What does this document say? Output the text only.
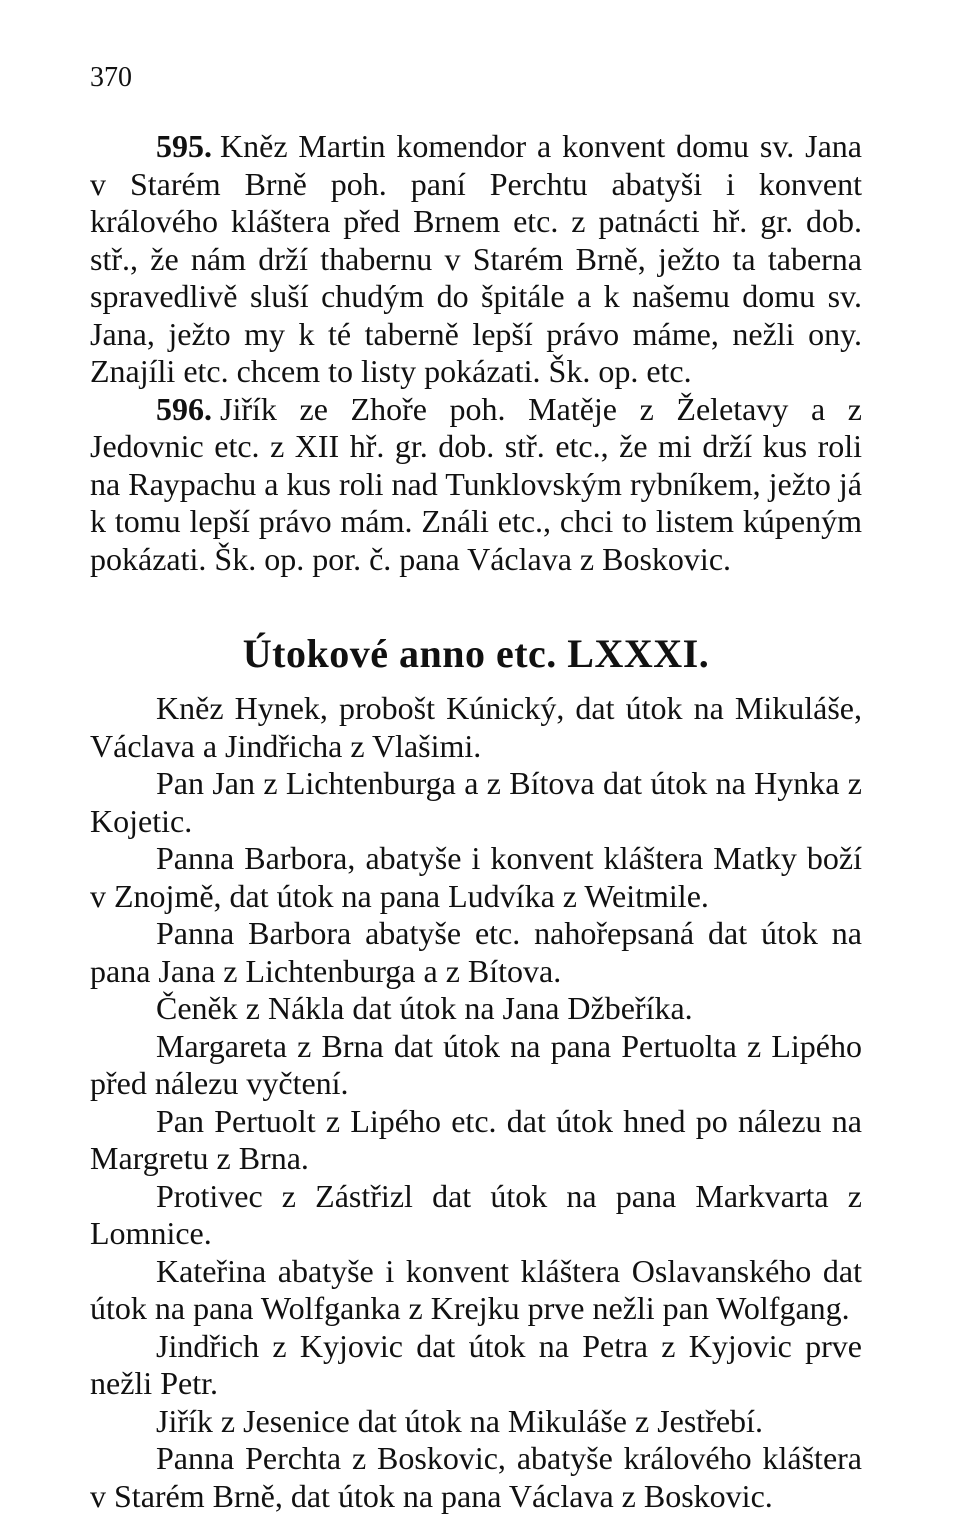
370

595. Kněz Martin komendor a konvent domu sv. Jana v Starém Brně poh. paní Perchtu abatyši i konvent králového kláštera před Brnem etc. z patnácti hř. gr. dob. stř., že nám drží thabernu v Starém Brně, ježto ta taberna spravedlivě sluší chudým do špitále a k našemu domu sv. Jana, ježto my k té taberně lepší právo máme, nežli ony. Znajíli etc. chcem to listy pokázati. Šk. op. etc.

596. Jiřík ze Zhoře poh. Matěje z Želetavy a z Jedovnic etc. z XII hř. gr. dob. stř. etc., že mi drží kus roli na Raypachu a kus roli nad Tunklovským rybníkem, ježto já k tomu lepší právo mám. Ználi etc., chci to listem kúpeným pokázati. Šk. op. por. č. pana Václava z Boskovic.

Útokové anno etc. LXXXI.

Kněz Hynek, probošt Kúnický, dat útok na Mikuláše, Václava a Jindřicha z Vlašimi.

Pan Jan z Lichtenburga a z Bítova dat útok na Hynka z Kojetic.

Panna Barbora, abatyše i konvent kláštera Matky boží v Znojmě, dat útok na pana Ludvíka z Weitmile.

Panna Barbora abatyše etc. nahořepsaná dat útok na pana Jana z Lichtenburga a z Bítova.

Čeněk z Nákla dat útok na Jana Džbeříka.

Margareta z Brna dat útok na pana Pertuolta z Lipého před nálezu vyčtení.

Pan Pertuolt z Lipého etc. dat útok hned po nálezu na Margretu z Brna.

Protivec z Zástřizl dat útok na pana Markvarta z Lomnice.

Kateřina abatyše i konvent kláštera Oslavanského dat útok na pana Wolfganka z Krejku prve nežli pan Wolfgang.

Jindřich z Kyjovic dat útok na Petra z Kyjovic prve nežli Petr.

Jiřík z Jesenice dat útok na Mikuláše z Jestřebí.

Panna Perchta z Boskovic, abatyše králového kláštera v Starém Brně, dat útok na pana Václava z Boskovic.
